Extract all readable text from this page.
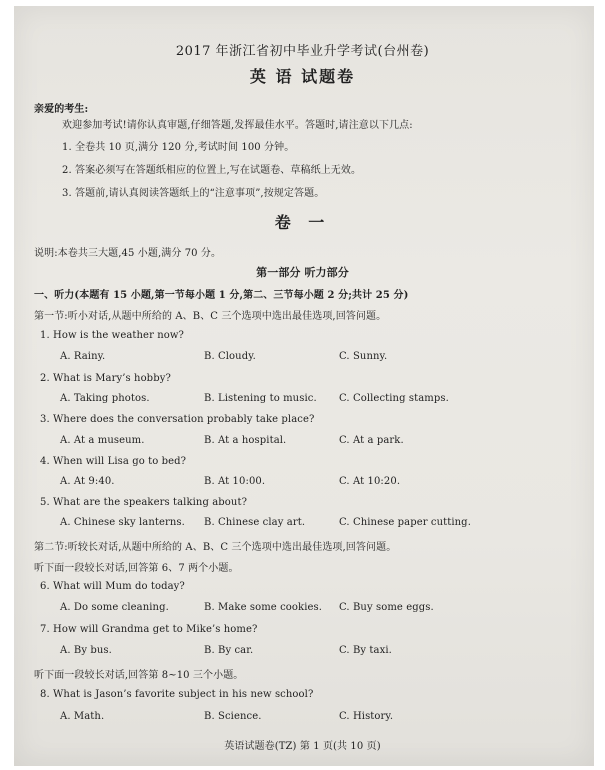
2017 年浙江省初中毕业升学考试(台州卷)
英 语 试题卷
亲爱的考生:
欢迎参加考试!请你认真审题,仔细答题,发挥最佳水平。答题时,请注意以下几点:
1. 全卷共 10 页,满分 120 分,考试时间 100 分钟。
2. 答案必须写在答题纸相应的位置上,写在试题卷、草稿纸上无效。
3. 答题前,请认真阅读答题纸上的“注意事项”,按规定答题。
卷 一
说明:本卷共三大题,45 小题,满分 70 分。
第一部分 听力部分
一、听力(本题有 15 小题,第一节每小题 1 分,第二、三节每小题 2 分;共计 25 分)
第一节:听小对话,从题中所给的 A、B、C 三个选项中选出最佳选项,回答问题。
1. How is the weather now?
A. Rainy.	B. Cloudy.	C. Sunny.
2. What is Mary’s hobby?
A. Taking photos.	B. Listening to music. C. Collecting stamps.
3. Where does the conversation probably take place?
A. At a museum.	B. At a hospital.	C. At a park.
4. When will Lisa go to bed?
A. At 9:40.	B. At 10:00.	C. At 10:20.
5. What are the speakers talking about?
A. Chinese sky lanterns. B. Chinese clay art.	C. Chinese paper cutting.
第二节:听较长对话,从题中所给的 A、B、C 三个选项中选出最佳选项,回答问题。
听下面一段较长对话,回答第 6、7 两个小题。
6. What will Mum do today?
A. Do some cleaning.	B. Make some cookies. C. Buy some eggs.
7. How will Grandma get to Mike’s home?
A. By bus.	B. By car.	C. By taxi.
听下面一段较长对话,回答第 8~10 三个小题。
8. What is Jason’s favorite subject in his new school?
A. Math.	B. Science.	C. History.
英语试题卷(TZ) 第 1 页(共 10 页)
